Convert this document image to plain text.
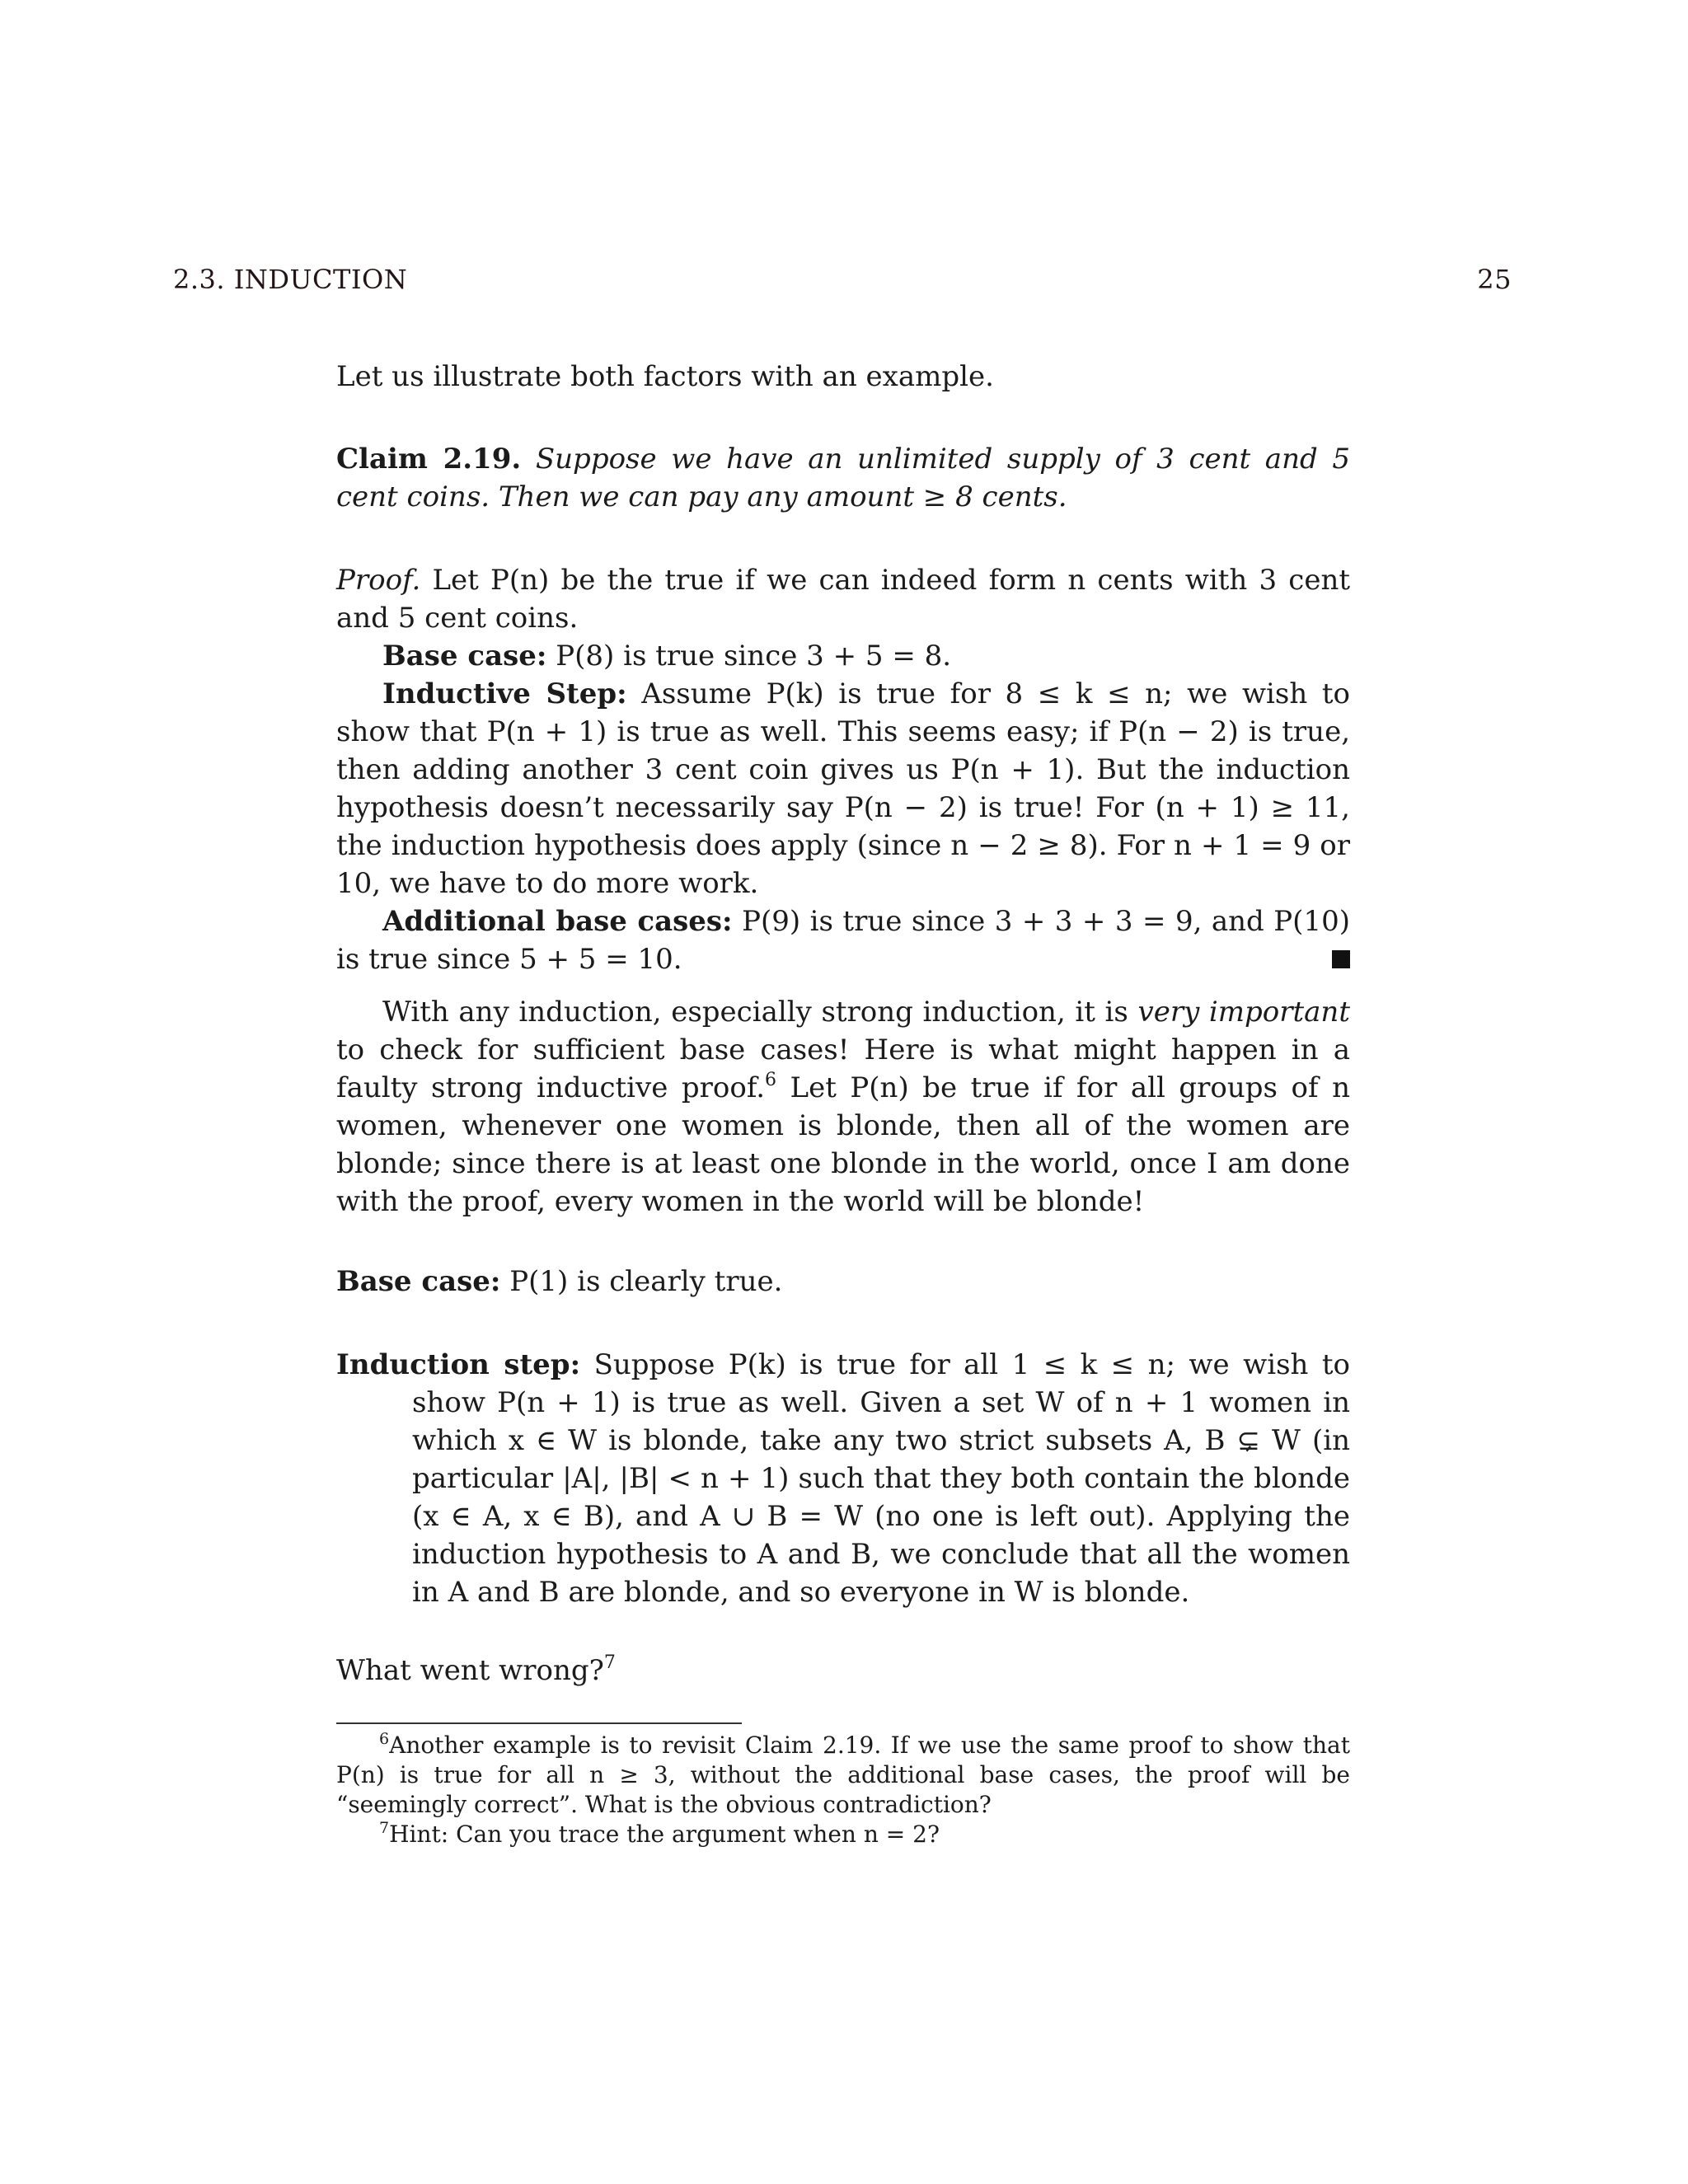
2.3. INDUCTION	25

Let us illustrate both factors with an example.

Claim 2.19. Suppose we have an unlimited supply of 3 cent and 5 cent coins. Then we can pay any amount ≥ 8 cents.

Proof. Let P(n) be the true if we can indeed form n cents with 3 cent and 5 cent coins.

Base case: P(8) is true since 3 + 5 = 8.

Inductive Step: Assume P(k) is true for 8 ≤ k ≤ n; we wish to show that P(n + 1) is true as well. This seems easy; if P(n − 2) is true, then adding another 3 cent coin gives us P(n + 1). But the induction hypothesis doesn’t necessarily say P(n − 2) is true! For (n + 1) ≥ 11, the induction hypothesis does apply (since n − 2 ≥ 8). For n + 1 = 9 or 10, we have to do more work.

Additional base cases: P(9) is true since 3 + 3 + 3 = 9, and P(10) is true since 5 + 5 = 10.

With any induction, especially strong induction, it is very important to check for sufficient base cases! Here is what might happen in a faulty strong inductive proof.$^6$ Let P(n) be true if for all groups of n women, whenever one women is blonde, then all of the women are blonde; since there is at least one blonde in the world, once I am done with the proof, every women in the world will be blonde!

Base case: P(1) is clearly true.

Induction step: Suppose P(k) is true for all 1 ≤ k ≤ n; we wish to show P(n + 1) is true as well. Given a set W of n + 1 women in which x ∈ W is blonde, take any two strict subsets A, B ⊊ W (in particular |A|, |B| < n + 1) such that they both contain the blonde (x ∈ A, x ∈ B), and A ∪ B = W (no one is left out). Applying the induction hypothesis to A and B, we conclude that all the women in A and B are blonde, and so everyone in W is blonde.

What went wrong?$^7$

$^6$Another example is to revisit Claim 2.19. If we use the same proof to show that P(n) is true for all n ≥ 3, without the additional base cases, the proof will be “seemingly correct”. What is the obvious contradiction?

$^7$Hint: Can you trace the argument when n = 2?
